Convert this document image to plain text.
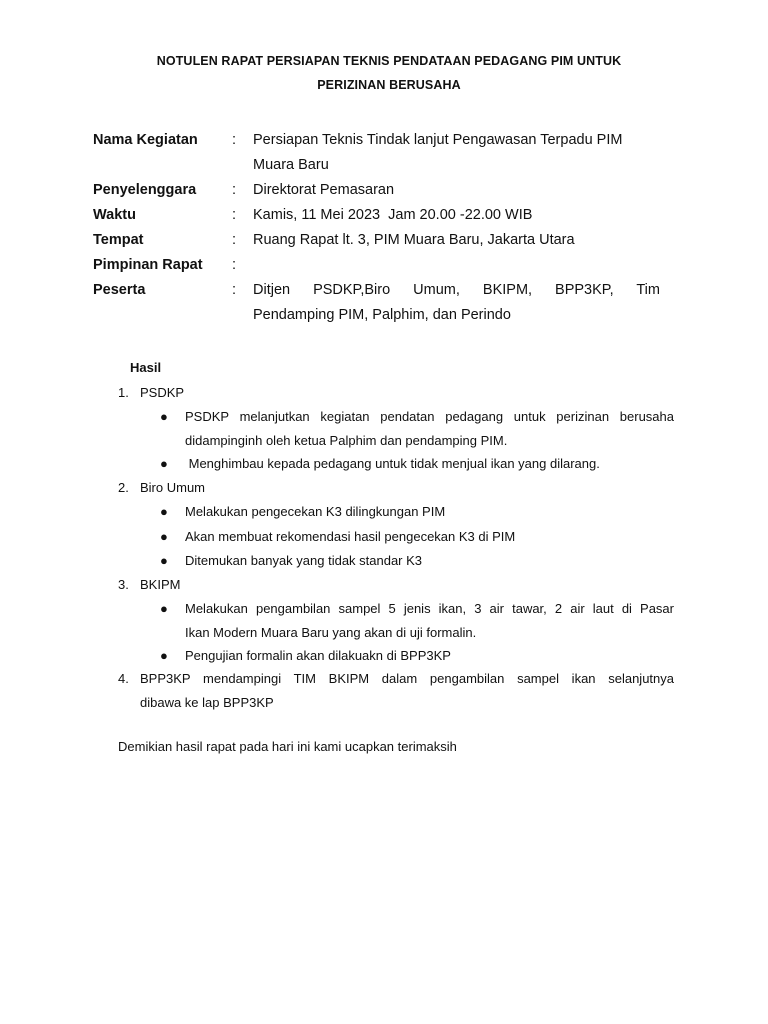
NOTULEN RAPAT PERSIAPAN TEKNIS PENDATAAN PEDAGANG PIM UNTUK
PERIZINAN BERUSAHA
Nama Kegiatan	:	Persiapan Teknis Tindak lanjut Pengawasan Terpadu PIM
Muara Baru
Penyelenggara	:	Direktorat Pemasaran
Waktu	:	Kamis, 11 Mei 2023  Jam 20.00 -22.00 WIB
Tempat	:	Ruang Rapat lt. 3, PIM Muara Baru, Jakarta Utara
Pimpinan Rapat	:
Peserta	:	Ditjen PSDKP,Biro Umum, BKIPM, BPP3KP, Tim
Pendamping PIM, Palphim, dan Perindo
Hasil
1. PSDKP
●	PSDKP melanjutkan kegiatan pendatan pedagang untuk perizinan berusaha
didampinginh oleh ketua Palphim dan pendamping PIM.
●	Menghimbau kepada pedagang untuk tidak menjual ikan yang dilarang.
2. Biro Umum
●	Melakukan pengecekan K3 dilingkungan PIM
●	Akan membuat rekomendasi hasil pengecekan K3 di PIM
●	Ditemukan banyak yang tidak standar K3
3. BKIPM
●	Melakukan pengambilan sampel 5 jenis ikan, 3 air tawar, 2 air laut di Pasar
Ikan Modern Muara Baru yang akan di uji formalin.
●	Pengujian formalin akan dilakuakn di BPP3KP
4. BPP3KP mendampingi TIM BKIPM dalam pengambilan sampel ikan selanjutnya
dibawa ke lap BPP3KP
Demikian hasil rapat pada hari ini kami ucapkan terimaksih
